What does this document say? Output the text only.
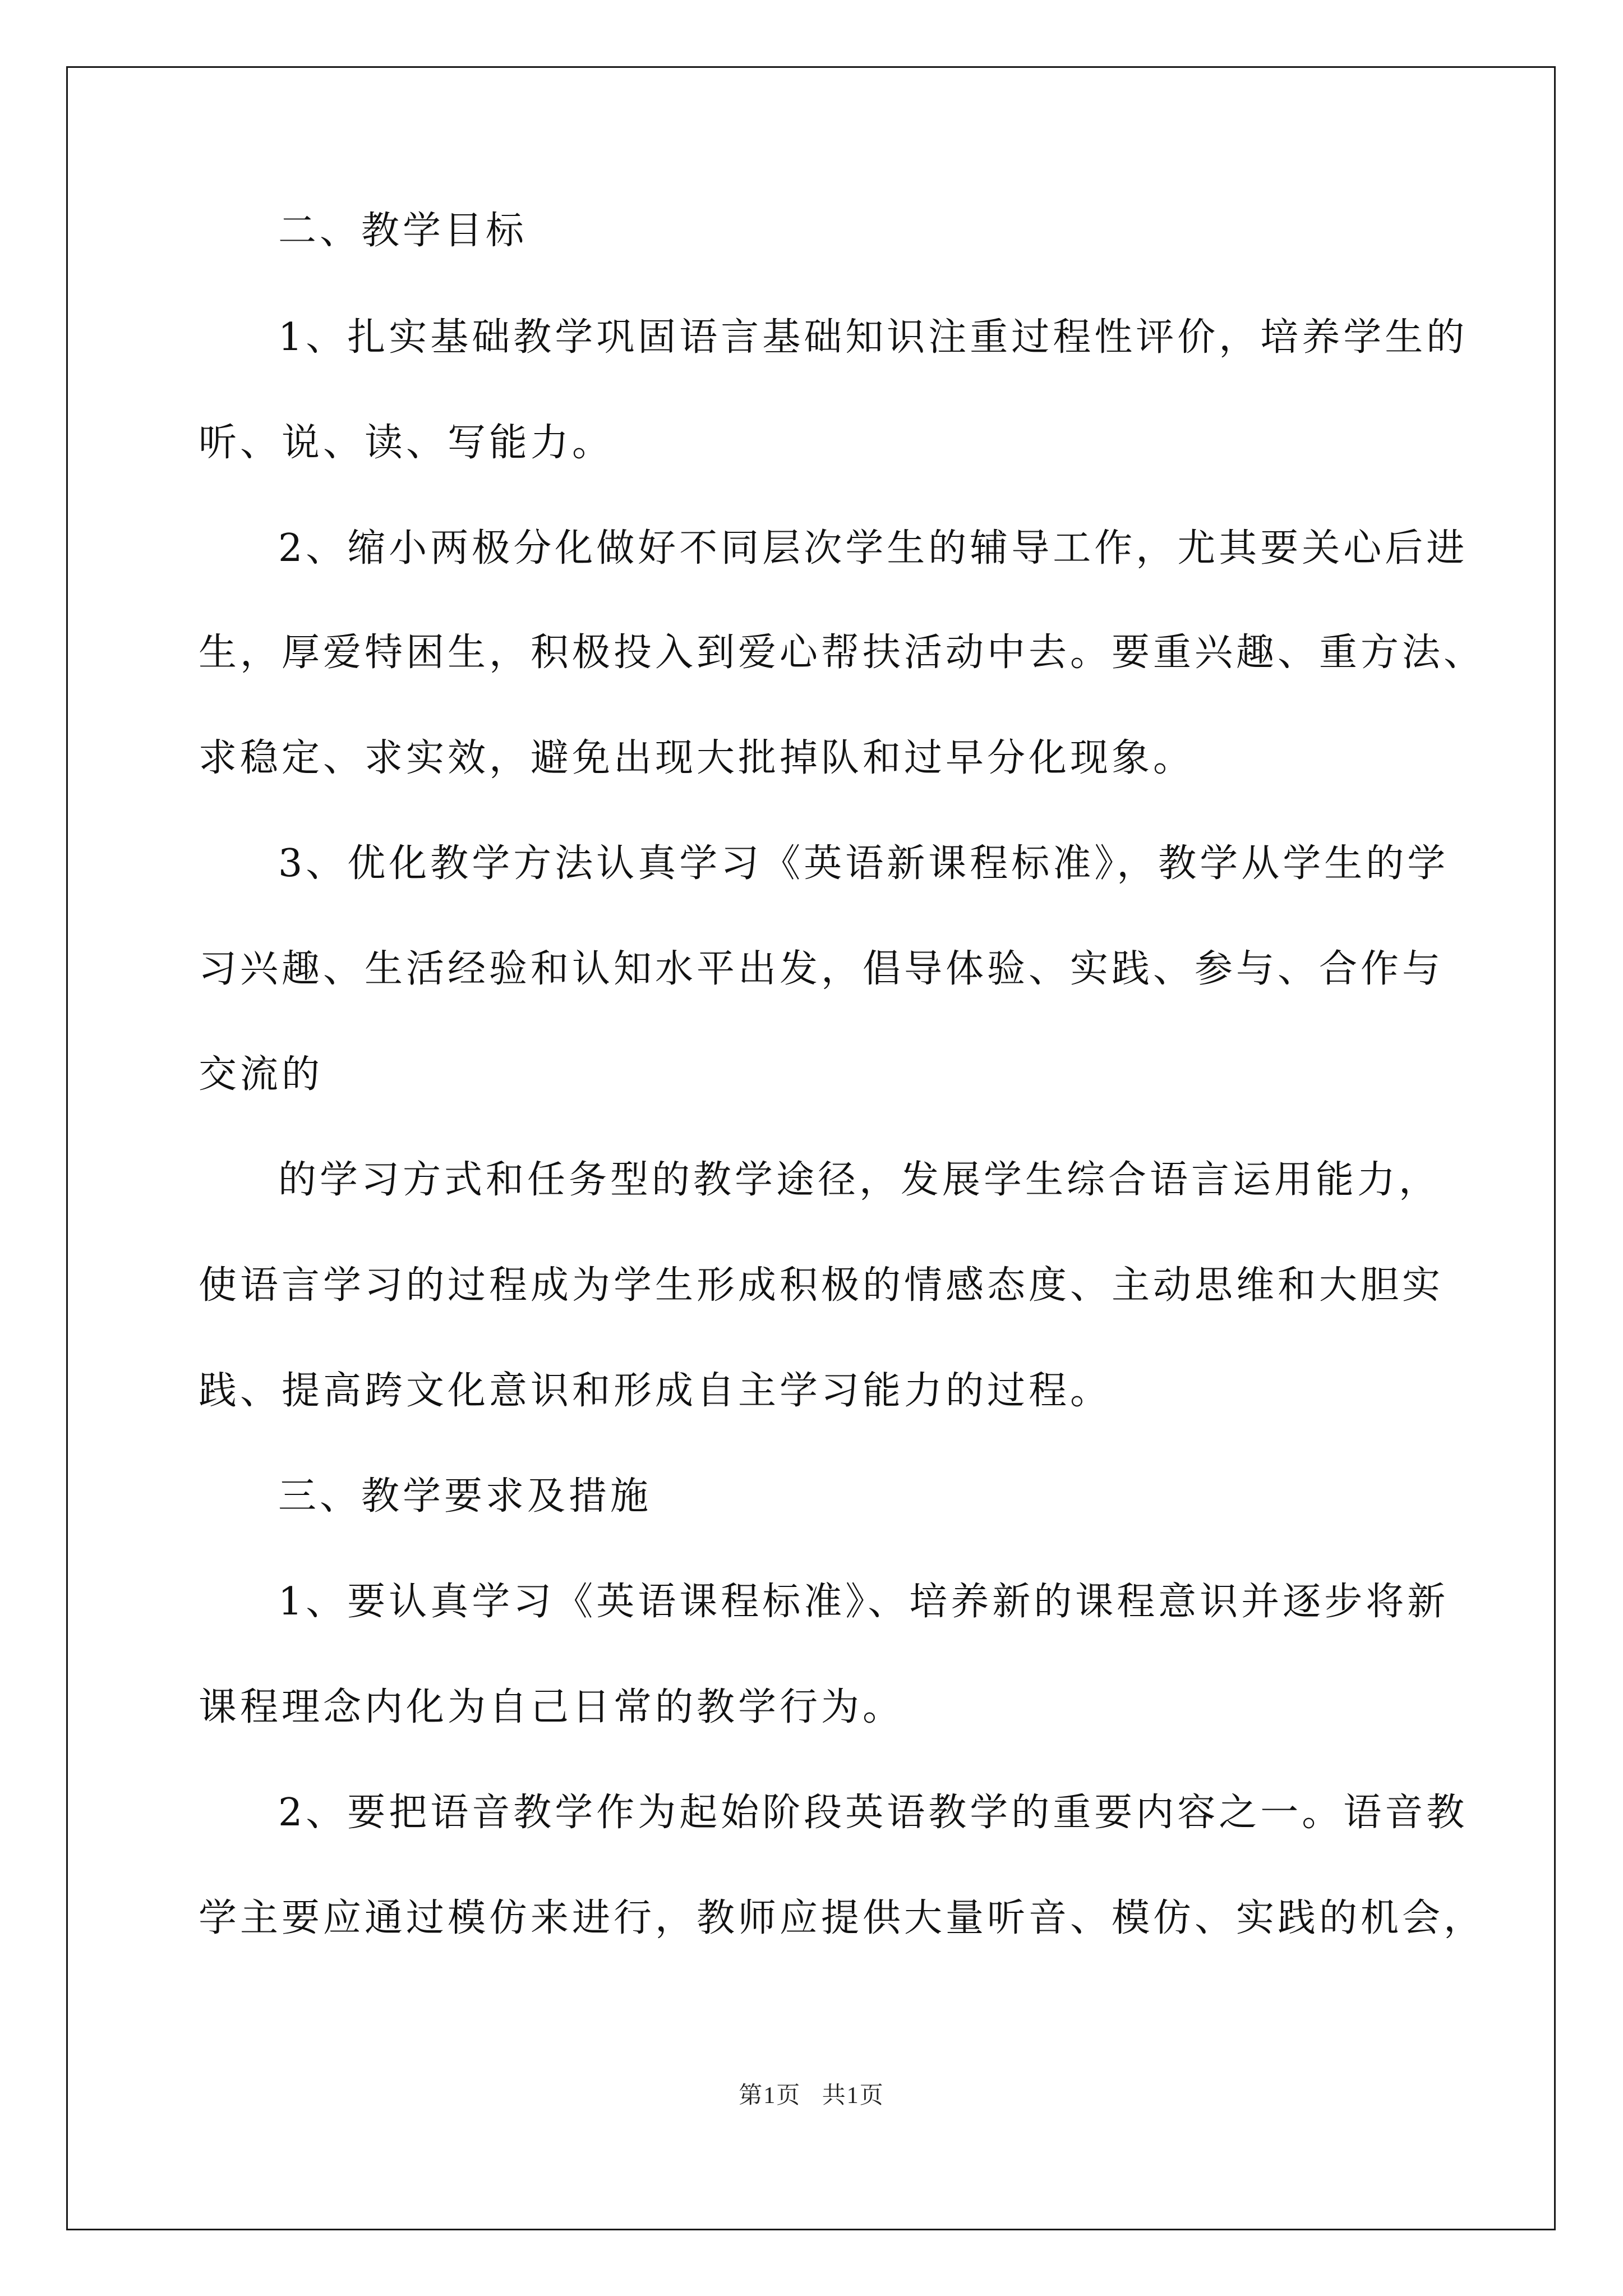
二、教学目标
1、扎实基础教学巩固语言基础知识注重过程性评价，培养学生的
听、说、读、写能力。
2、缩小两极分化做好不同层次学生的辅导工作，尤其要关心后进
生，厚爱特困生，积极投入到爱心帮扶活动中去。要重兴趣、重方法、
求稳定、求实效，避免出现大批掉队和过早分化现象。
3、优化教学方法认真学习《英语新课程标准》，教学从学生的学
习兴趣、生活经验和认知水平出发，倡导体验、实践、参与、合作与
交流的
的学习方式和任务型的教学途径，发展学生综合语言运用能力，
使语言学习的过程成为学生形成积极的情感态度、主动思维和大胆实
践、提高跨文化意识和形成自主学习能力的过程。
三、教学要求及措施
1、要认真学习《英语课程标准》、培养新的课程意识并逐步将新
课程理念内化为自己日常的教学行为。
2、要把语音教学作为起始阶段英语教学的重要内容之一。语音教
学主要应通过模仿来进行，教师应提供大量听音、模仿、实践的机会，
第1页 共1页
